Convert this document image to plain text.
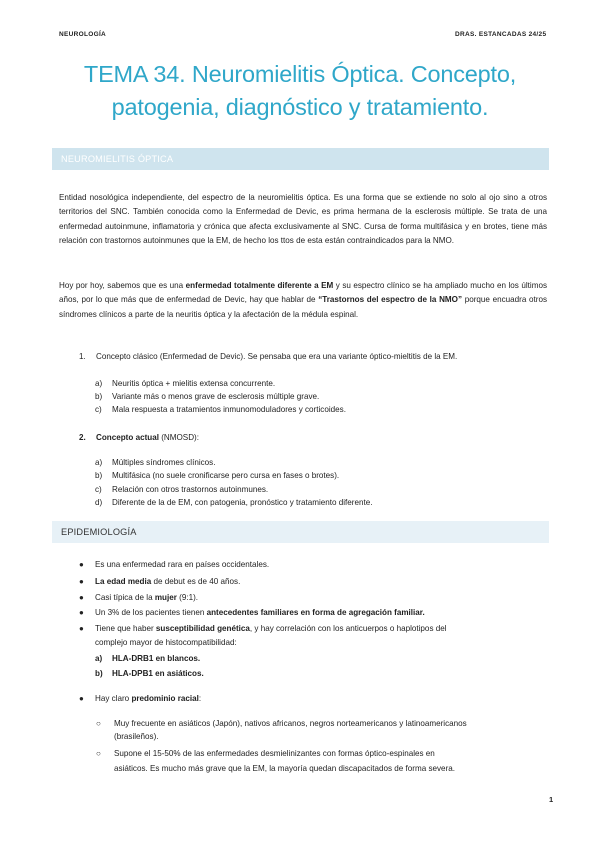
NEUROLOGÍA	DRAS. ESTANCADAS 24/25
TEMA 34. Neuromielitis Óptica. Concepto,
patogenia, diagnóstico y tratamiento.
NEUROMIELITIS ÓPTICA
Entidad nosológica independiente, del espectro de la neuromielitis óptica. Es una forma que se extiende no solo al ojo sino a otros territorios del SNC. También conocida como la Enfermedad de Devic, es prima hermana de la esclerosis múltiple. Se trata de una enfermedad autoinmune, inflamatoria y crónica que afecta exclusivamente al SNC. Cursa de forma multifásica y en brotes, tiene más relación con trastornos autoinmunes que la EM, de hecho los ttos de esta están contraindicados para la NMO.
Hoy por hoy, sabemos que es una enfermedad totalmente diferente a EM y su espectro clínico se ha ampliado mucho en los últimos años, por lo que más que de enfermedad de Devic, hay que hablar de “Trastornos del espectro de la NMO” porque encuadra otros síndromes clínicos a parte de la neuritis óptica y la afectación de la médula espinal.
1. Concepto clásico (Enfermedad de Devic). Se pensaba que era una variante óptico-mieltitis de la EM.
a) Neuritis óptica + mielitis extensa concurrente.
b) Variante más o menos grave de esclerosis múltiple grave.
c) Mala respuesta a tratamientos inmunomoduladores y corticoides.
2. Concepto actual (NMOSD):
a) Múltiples síndromes clínicos.
b) Multifásica (no suele cronificarse pero cursa en fases o brotes).
c) Relación con otros trastornos autoinmunes.
d) Diferente de la de EM, con patogenia, pronóstico y tratamiento diferente.
EPIDEMIOLOGÍA
● Es una enfermedad rara en países occidentales.
● La edad media de debut es de 40 años.
● Casi típica de la mujer (9:1).
● Un 3% de los pacientes tienen antecedentes familiares en forma de agregación familiar.
● Tiene que haber susceptibilidad genética, y hay correlación con los anticuerpos o haplotipos del
complejo mayor de histocompatibilidad:
a) HLA-DRB1 en blancos.
b) HLA-DPB1 en asiáticos.
● Hay claro predominio racial:
○ Muy frecuente en asiáticos (Japón), nativos africanos, negros norteamericanos y latinoamericanos
(brasileños).
○ Supone el 15-50% de las enfermedades desmielinizantes con formas óptico-espinales en
asiáticos. Es mucho más grave que la EM, la mayoría quedan discapacitados de forma severa.
1
